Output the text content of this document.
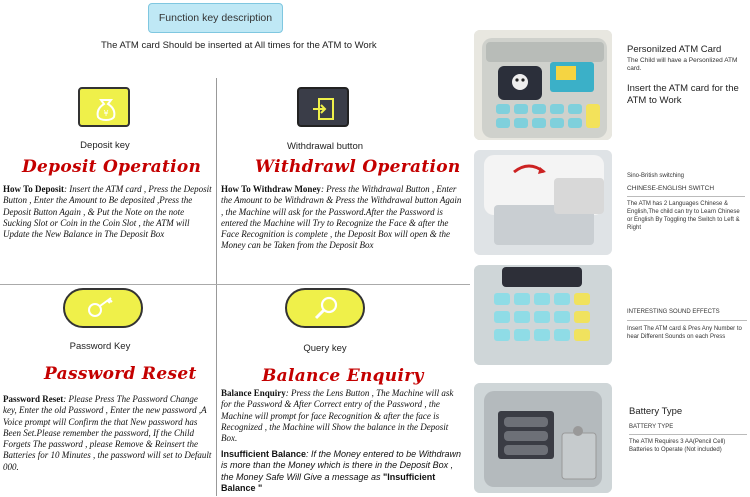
Function key description
The ATM card Should be inserted at All times for the ATM to Work
¥
Deposit key
Deposit Operation
How To Deposit: Insert the ATM card , Press the Deposit Button , Enter the Amount to Be deposited ,Press the Deposit Button Again , & Put the Note on the note Sucking Slot or Coin in the Coin Slot , the ATM will Update the New Balance in The Deposit Box
Withdrawal button
Withdrawl Operation
How To Withdraw Money: Press the Withdrawal Button , Enter the Amount to be Withdrawn & Press the Withdrawal button Again , the Machine will ask for the Password.After the Password is entered the Machine will Try to Recognize the Face & after the Face Recognition is complete , the Deposit Box will open & the Money can be Taken from the Deposit Box
Password Key
Password Reset
Password Reset: Please Press The Password Change key, Enter the old Password , Enter the new password ,A Voice prompt will Confirm the that New password has Been Set.Please remember the password, If the Child Forgets The password , please Remove & Reinsert the Batteries for 10 Minutes , the password will set to Default 000.
Query key
Balance Enquiry
Balance Enquiry: Press the Lens Button , The Machine will ask for the Password & After Correct entry of the Password , the Machine will prompt for face Recognition & after the face is Recognized , the Machine will Show the balance in the Deposit Box.
Insufficient Balance: If the Money entered to be Withdrawn is more than the Money which is there in the Deposit Box , the Money Safe Will Give a message as "Insufficient Balance "
Personilzed ATM Card
The Child will have a Personlized ATM card.
Insert the ATM card for the ATM to Work
Sino-British switching
CHINESE-ENGLISH SWITCH
The ATM has 2 Languages Chinese & English,The child can try to Learn Chinese or English By Toggling the Switch to Left & Right
INTERESTING SOUND EFFECTS
Insert The ATM card & Pres Any Number to hear Different Sounds on each Press
Battery Type
BATTERY TYPE
The ATM Requires 3 AA(Pencil Cell) Batteries to Operate (Not included)
